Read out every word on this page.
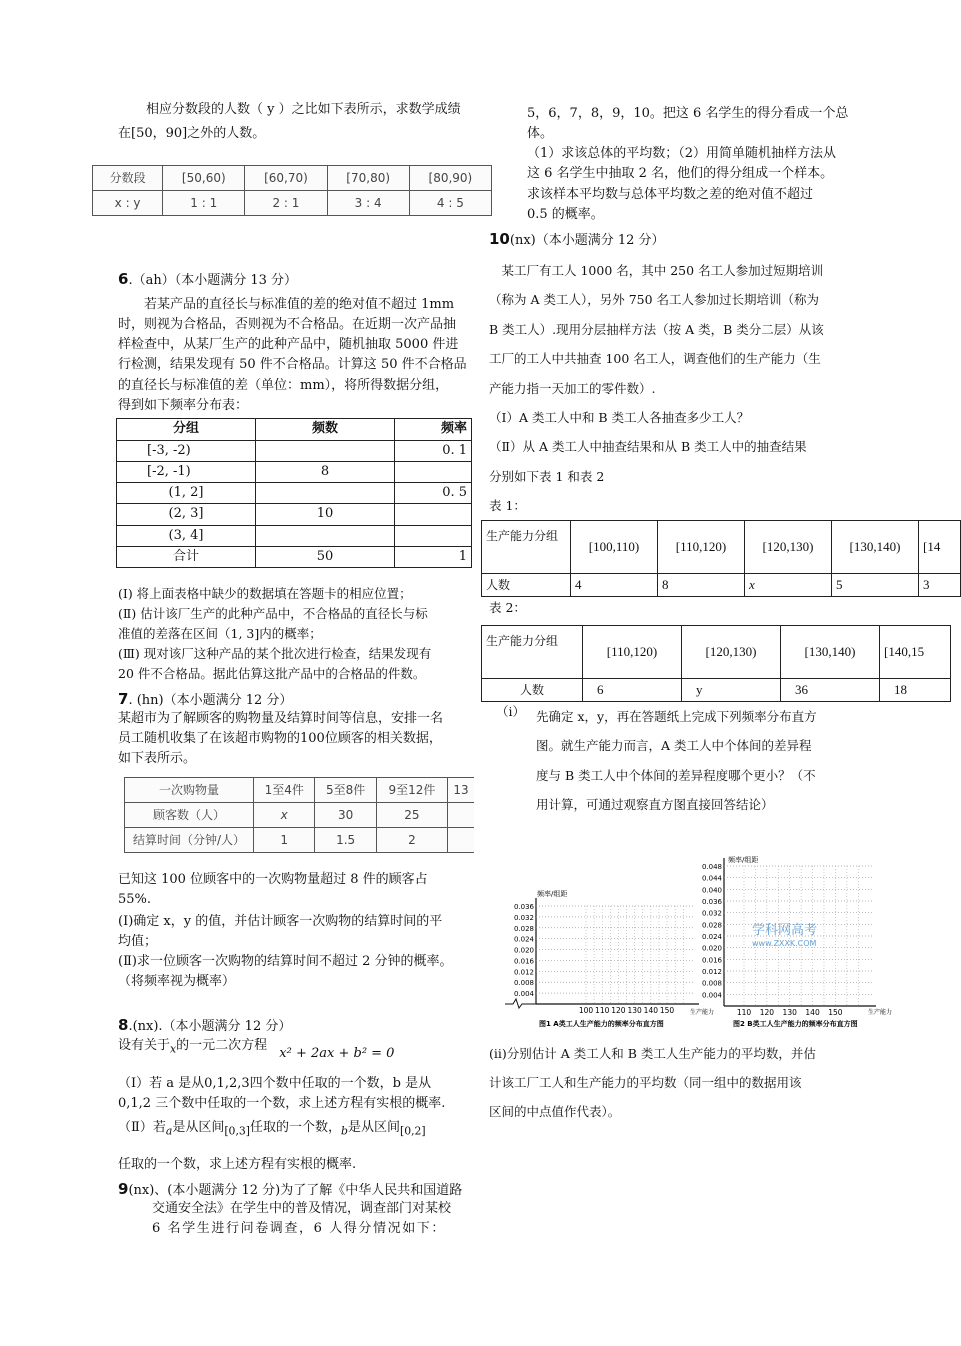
相应分数段的人数（ y ）之比如下表所示，求数学成绩
在[50，90]之外的人数。
分数段	[50,60)	[60,70)	[70,80)	[80,90)
x : y	1 : 1	2 : 1	3 : 4	4 : 5
6.（ah）（本小题满分 13 分）
若某产品的直径长与标准值的差的绝对值不超过 1mm
时，则视为合格品，否则视为不合格品。在近期一次产品抽
样检查中，从某厂生产的此种产品中，随机抽取 5000 件进
行检测，结果发现有 50 件不合格品。计算这 50 件不合格品
的直径长与标准值的差（单位：mm），将所得数据分组，
得到如下频率分布表：
分组	频数	频率
[-3, -2)		0. 1
[-2, -1)	8	
(1, 2]		0. 5
(2, 3]	10	
(3, 4]		
合计	50	1
(Ⅰ) 将上面表格中缺少的数据填在答题卡的相应位置；
(Ⅱ) 估计该厂生产的此种产品中，不合格品的直径长与标
准值的差落在区间（1, 3]内的概率；
(Ⅲ) 现对该厂这种产品的某个批次进行检查，结果发现有
20 件不合格品。据此估算这批产品中的合格品的件数。
7. (hn)（本小题满分 12 分）
某超市为了解顾客的购物量及结算时间等信息，安排一名
员工随机收集了在该超市购物的100位顾客的相关数据，
如下表所示。
一次购物量	1至4件	5至8件	9至12件	13
顾客数（人）	x	30	25	
结算时间（分钟/人）	1	1.5	2	
已知这 100 位顾客中的一次购物量超过 8 件的顾客占
55%.
(Ⅰ)确定 x，y 的值，并估计顾客一次购物的结算时间的平
均值；
(Ⅱ)求一位顾客一次购物的结算时间不超过 2 分钟的概率。
（将频率视为概率）
8.(nx).（本小题满分 12 分）
设有关于$_x$的一元二次方程 x² + 2ax + b² = 0
（Ⅰ）若 a 是从0,1,2,3四个数中任取的一个数，b 是从
0,1,2 三个数中任取的一个数，求上述方程有实根的概率.
（Ⅱ）若$_a$是从区间$_{[0,3]}$任取的一个数，$_b$是从区间$_{[0,2]}$
任取的一个数，求上述方程有实根的概率.
9(nx)、(本小题满分 12 分)为了了解《中华人民共和国道路
交通安全法》在学生中的普及情况，调查部门对某校
6 名学生进行问卷调查，6 人得分情况如下：
5，6，7，8，9，10。把这 6 名学生的得分看成一个总体。
（1）求该总体的平均数；（2）用简单随机抽样方法从
这 6 名学生中抽取 2 名，他们的得分组成一个样本。
求该样本平均数与总体平均数之差的绝对值不超过
0.5 的概率。
10(nx)（本小题满分 12 分）
某工厂有工人 1000 名，其中 250 名工人参加过短期培训
（称为 A 类工人），另外 750 名工人参加过长期培训（称为
B 类工人）.现用分层抽样方法（按 A 类，B 类分二层）从该
工厂的工人中共抽查 100 名工人，调查他们的生产能力（生
产能力指一天加工的零件数）.
（Ⅰ）A 类工人中和 B 类工人各抽查多少工人？
（Ⅱ）从 A 类工人中抽查结果和从 B 类工人中的抽查结果
分别如下表 1 和表 2
表 1：
生产能力分组	[100,110)	[110,120)	[120,130)	[130,140)	[14
人数	4	8	x	5	3
表 2：
生产能力分组	[110,120)	[120,130)	[130,140)	[140,15
人数	6	y	36	18
（i） 先确定 x，y，再在答题纸上完成下列频率分布直方
图。就生产能力而言，A 类工人中个体间的差异程
度与 B 类工人中个体间的差异程度哪个更小？（不
用计算，可通过观察直方图直接回答结论）
频率/组距
0.036
0.032
0.028
0.024
0.020
0.016
0.012
0.008
0.004
100 110 120 130 140 150	生产能力
图1 A类工人生产能力的频率分布直方图
频率/组距
0.048
0.044
0.040
0.036
0.032
0.028
0.024
0.020
0.016
0.012
0.008
0.004
110 120 130 140 150	生产能力
图2 B类工人生产能力的频率分布直方图
学科网高考
www.ZXXK.COM
(ii)分别估计 A 类工人和 B 类工人生产能力的平均数，并估
计该工厂工人和生产能力的平均数（同一组中的数据用该
区间的中点值作代表）。
